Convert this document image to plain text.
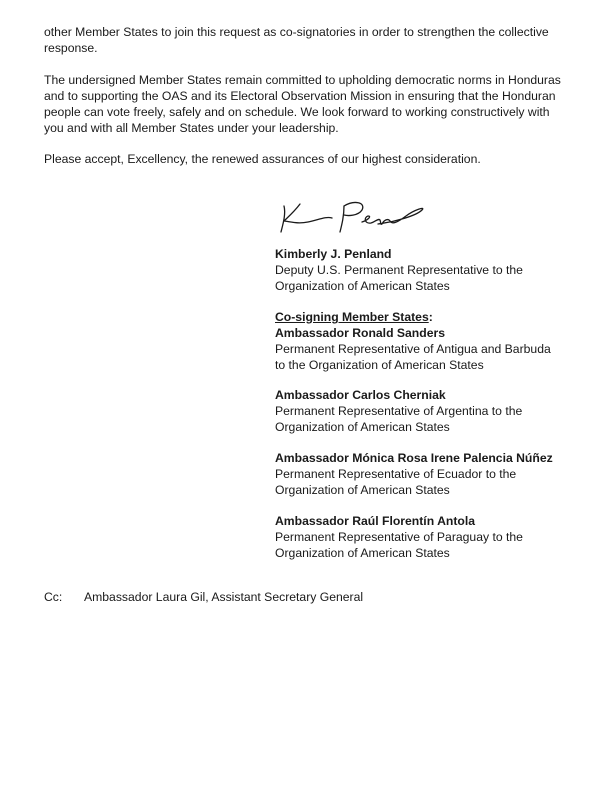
other Member States to join this request as co-signatories in order to strengthen the collective response.

The undersigned Member States remain committed to upholding democratic norms in Honduras and to supporting the OAS and its Electoral Observation Mission in ensuring that the Honduran people can vote freely, safely and on schedule. We look forward to working constructively with you and with all Member States under your leadership.

Please accept, Excellency, the renewed assurances of our highest consideration.

Kimberly J. Penland
Deputy U.S. Permanent Representative to the
Organization of American States
Co-signing Member States:
Ambassador Ronald Sanders
Permanent Representative of Antigua and Barbuda
to the Organization of American States
Ambassador Carlos Cherniak
Permanent Representative of Argentina to the
Organization of American States
Ambassador Mónica Rosa Irene Palencia Núñez
Permanent Representative of Ecuador to the
Organization of American States
Ambassador Raúl Florentín Antola
Permanent Representative of Paraguay to the
Organization of American States
Cc: Ambassador Laura Gil, Assistant Secretary General
